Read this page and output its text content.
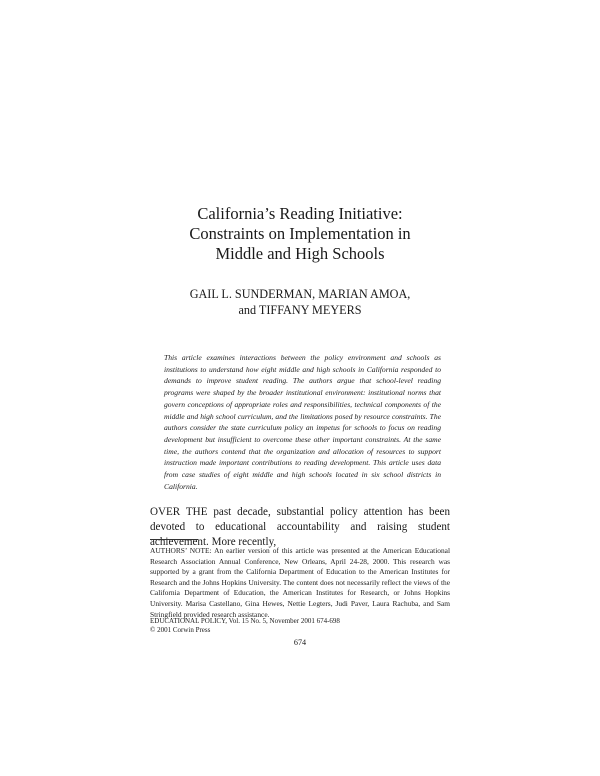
California’s Reading Initiative:
Constraints on Implementation in
Middle and High Schools
GAIL L. SUNDERMAN, MARIAN AMOA,
and TIFFANY MEYERS
This article examines interactions between the policy environment and schools as institutions to understand how eight middle and high schools in California responded to demands to improve student reading. The authors argue that school-level reading programs were shaped by the broader institutional environment: institutional norms that govern conceptions of appropriate roles and responsibilities, technical components of the middle and high school curriculum, and the limitations posed by resource constraints. The authors consider the state curriculum policy an impetus for schools to focus on reading development but insufficient to overcome these other important constraints. At the same time, the authors contend that the organization and allocation of resources to support instruction made important contributions to reading development. This article uses data from case studies of eight middle and high schools located in six school districts in California.
OVER THE past decade, substantial policy attention has been devoted to educational accountability and raising student achievement. More recently,
AUTHORS’ NOTE: An earlier version of this article was presented at the American Educational Research Association Annual Conference, New Orleans, April 24-28, 2000. This research was supported by a grant from the California Department of Education to the American Institutes for Research and the Johns Hopkins University. The content does not necessarily reflect the views of the California Department of Education, the American Institutes for Research, or Johns Hopkins University. Marisa Castellano, Gina Hewes, Nettie Legters, Judi Paver, Laura Rachuba, and Sam Stringfield provided research assistance.
EDUCATIONAL POLICY, Vol. 15 No. 5, November 2001 674-698
© 2001 Corwin Press
674
